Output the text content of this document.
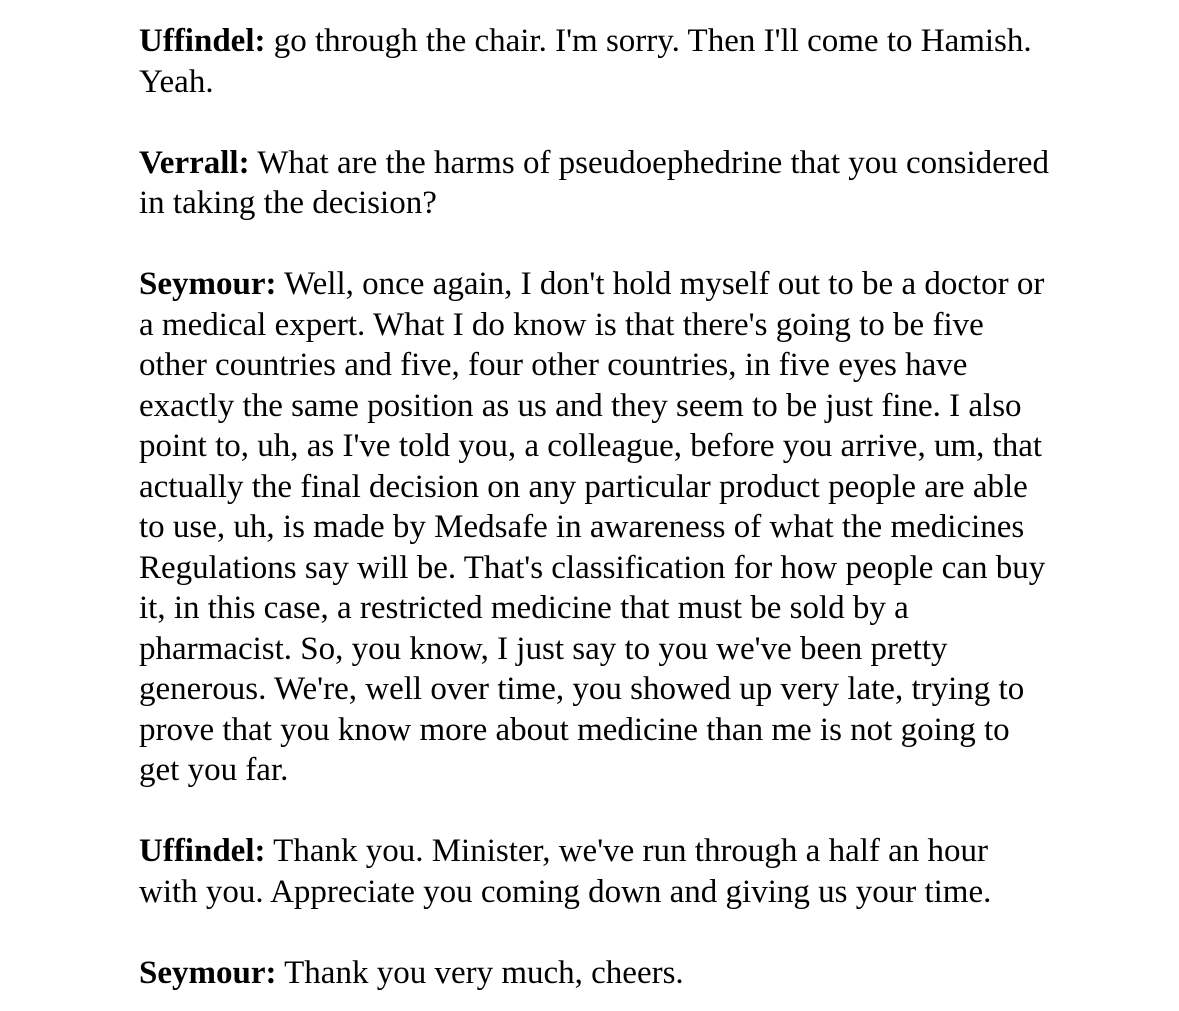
Uffindel: go through the chair. I'm sorry. Then I'll come to Hamish. Yeah.

Verrall: What are the harms of pseudoephedrine that you considered in taking the decision?

Seymour: Well, once again, I don't hold myself out to be a doctor or a medical expert. What I do know is that there's going to be five other countries and five, four other countries, in five eyes have exactly the same position as us and they seem to be just fine. I also point to, uh, as I've told you, a colleague, before you arrive, um, that actually the final decision on any particular product people are able to use, uh, is made by Medsafe in awareness of what the medicines Regulations say will be. That's classification for how people can buy it, in this case, a restricted medicine that must be sold by a pharmacist. So, you know, I just say to you we've been pretty generous. We're, well over time, you showed up very late, trying to prove that you know more about medicine than me is not going to get you far.

Uffindel: Thank you. Minister, we've run through a half an hour with you. Appreciate you coming down and giving us your time.

Seymour: Thank you very much, cheers.
